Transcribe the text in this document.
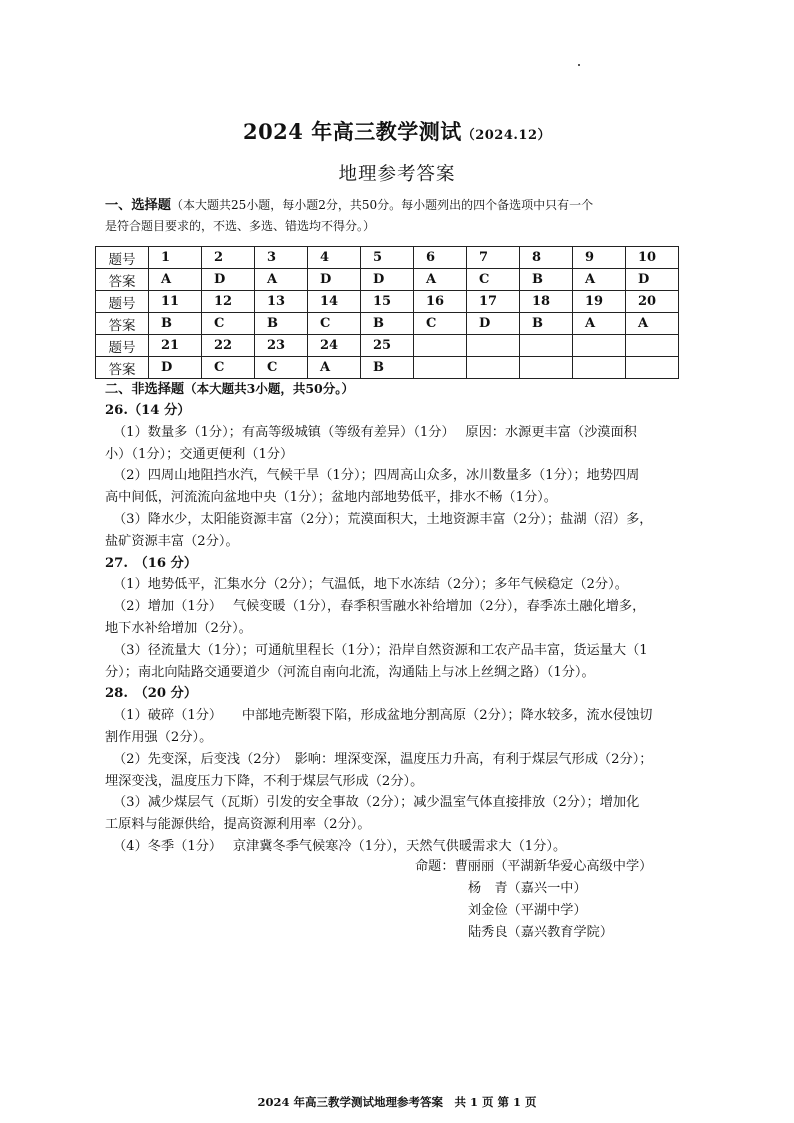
2024 年高三教学测试（2024.12）
地理参考答案
一、选择题（本大题共25小题，每小题2分，共50分。每小题列出的四个备选项中只有一个
是符合题目要求的，不选、多选、错选均不得分。）
题号	1	2	3	4	5	6	7	8	9	10
答案	A	D	A	D	D	A	C	B	A	D
题号	11	12	13	14	15	16	17	18	19	20
答案	B	C	B	C	B	C	D	B	A	A
题号	21	22	23	24	25					
答案	D	C	C	A	B					
二、非选择题（本大题共3小题，共50分。）

26.（14 分）

（1）数量多（1分）；有高等级城镇（等级有差异）（1分）　 原因：水源更丰富（沙漠面积

小）（1分）；交通更便利（1分）

（2）四周山地阻挡水汽，气候干旱（1分）；四周高山众多，冰川数量多（1分）；地势四周

高中间低，河流流向盆地中央（1分）；盆地内部地势低平，排水不畅（1分）。

（3）降水少，太阳能资源丰富（2分）；荒漠面积大，土地资源丰富（2分）；盐湖（沼）多，

盐矿资源丰富（2分）。

27.　（16 分）

（1）地势低平，汇集水分（2分）；气温低，地下水冻结（2分）；多年气候稳定（2分）。

（2）增加（1分）　 气候变暖（1分），春季积雪融水补给增加（2分），春季冻土融化增多，

地下水补给增加（2分）。

（3）径流量大（1分）；可通航里程长（1分）；沿岸自然资源和工农产品丰富，货运量大（1

分）；南北向陆路交通要道少（河流自南向北流，沟通陆上与冰上丝绸之路）（1分）。

28.　（20 分）

（1）破碎（1分）　　中部地壳断裂下陷，形成盆地分割高原（2分）；降水较多，流水侵蚀切

割作用强（2分）。

（2）先变深，后变浅（2分）　影响：埋深变深，温度压力升高，有利于煤层气形成（2分）；

埋深变浅，温度压力下降，不利于煤层气形成（2分）。

（3）减少煤层气（瓦斯）引发的安全事故（2分）；减少温室气体直接排放（2分）；增加化

工原料与能源供给，提高资源利用率（2分）。

（4）冬季（1分）　 京津冀冬季气候寒冷（1分），天然气供暖需求大（1分）。

命题：曹丽丽（平湖新华爱心高级中学）
杨　青（嘉兴一中）
刘金俭（平湖中学）
陆秀良（嘉兴教育学院）
2024 年高三教学测试地理参考答案　共 1 页 第 1 页
